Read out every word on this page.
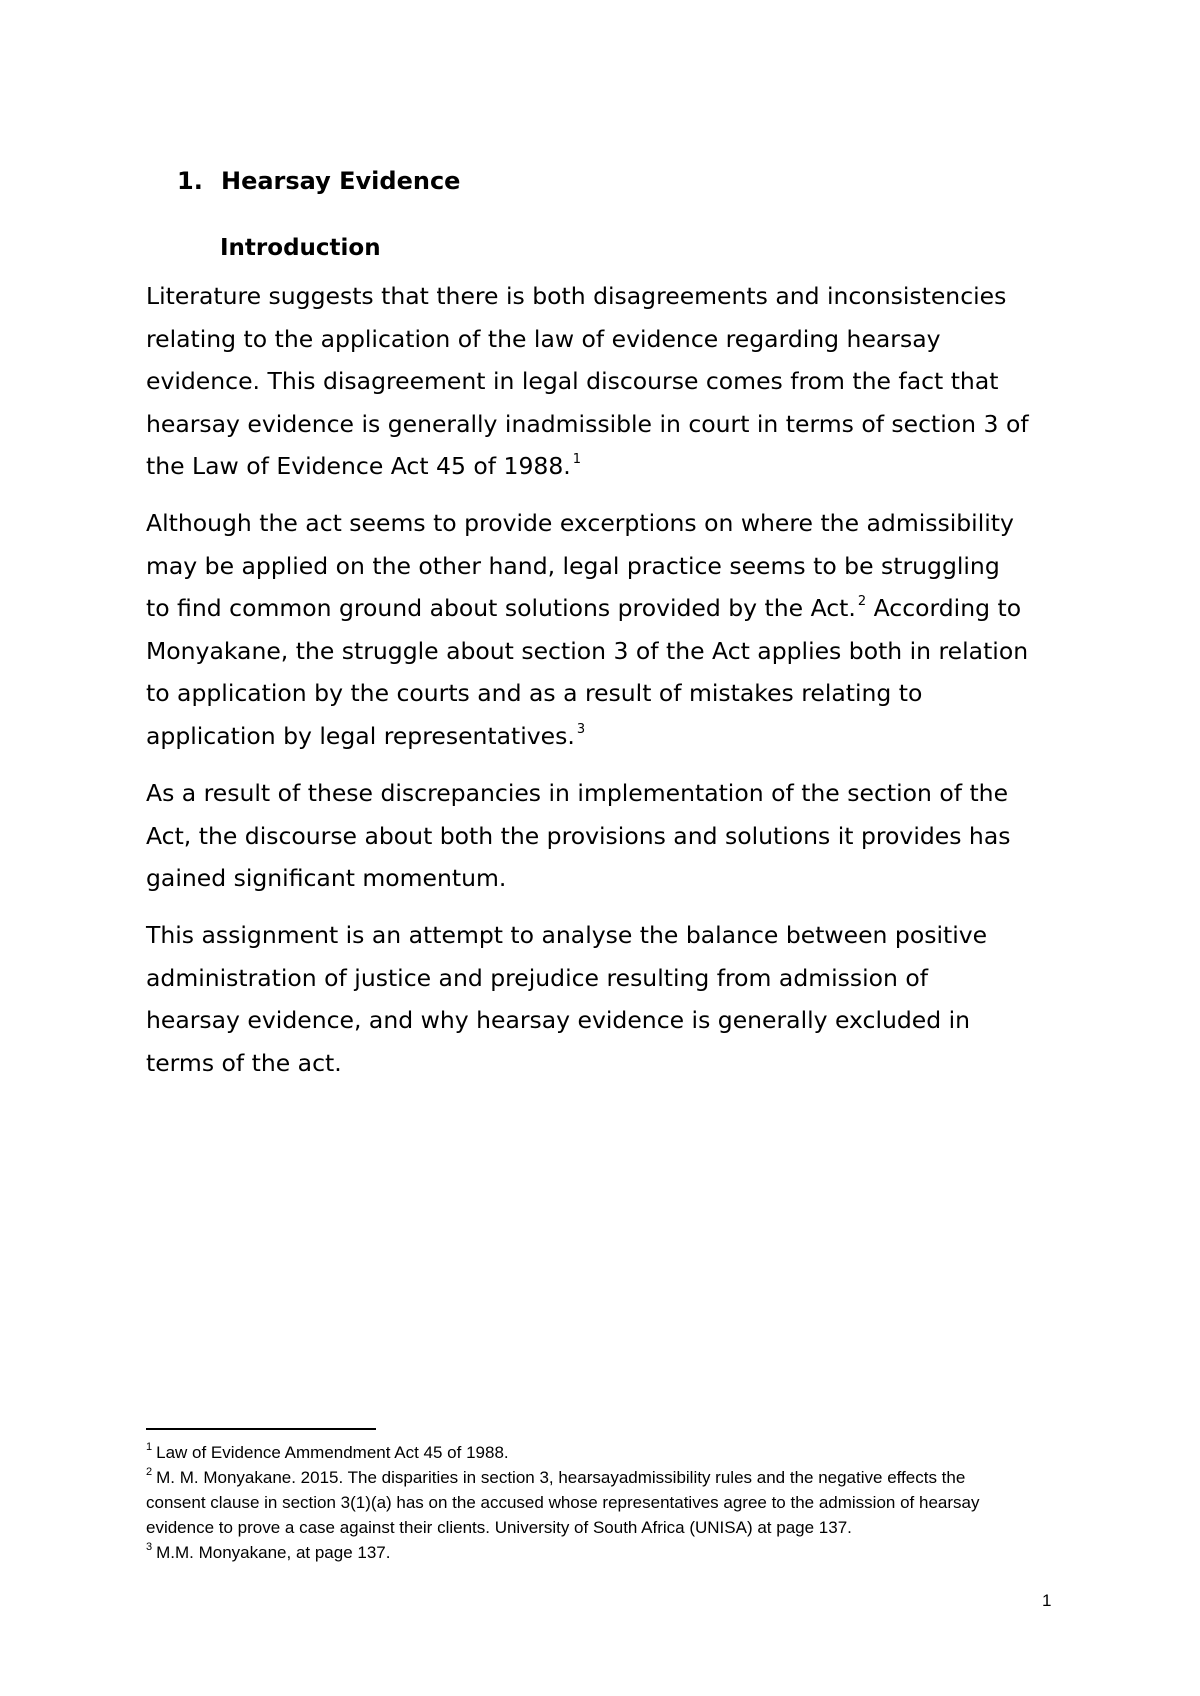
1. Hearsay Evidence
Introduction

Literature suggests that there is both disagreements and inconsistencies
relating to the application of the law of evidence regarding hearsay
evidence. This disagreement in legal discourse comes from the fact that
hearsay evidence is generally inadmissible in court in terms of section 3 of
the Law of Evidence Act 45 of 1988. $^1$

Although the act seems to provide excerptions on where the admissibility
may be applied on the other hand, legal practice seems to be struggling
to find common ground about solutions provided by the Act. $^2$ According to
Monyakane, the struggle about section 3 of the Act applies both in relation
to application by the courts and as a result of mistakes relating to
application by legal representatives. $^3$

As a result of these discrepancies in implementation of the section of the
Act, the discourse about both the provisions and solutions it provides has
gained significant momentum.

This assignment is an attempt to analyse the balance between positive
administration of justice and prejudice resulting from admission of
hearsay evidence, and why hearsay evidence is generally excluded in
terms of the act.

$^1$ Law of Evidence Ammendment Act 45 of 1988.
$^2$ M. M. Monyakane. 2015. The disparities in section 3, hearsayadmissibility rules and the negative effects the
consent clause in section 3(1)(a) has on the accused whose representatives agree to the admission of hearsay
evidence to prove a case against their clients. University of South Africa (UNISA) at page 137.
$^3$ M.M. Monyakane, at page 137.
1
